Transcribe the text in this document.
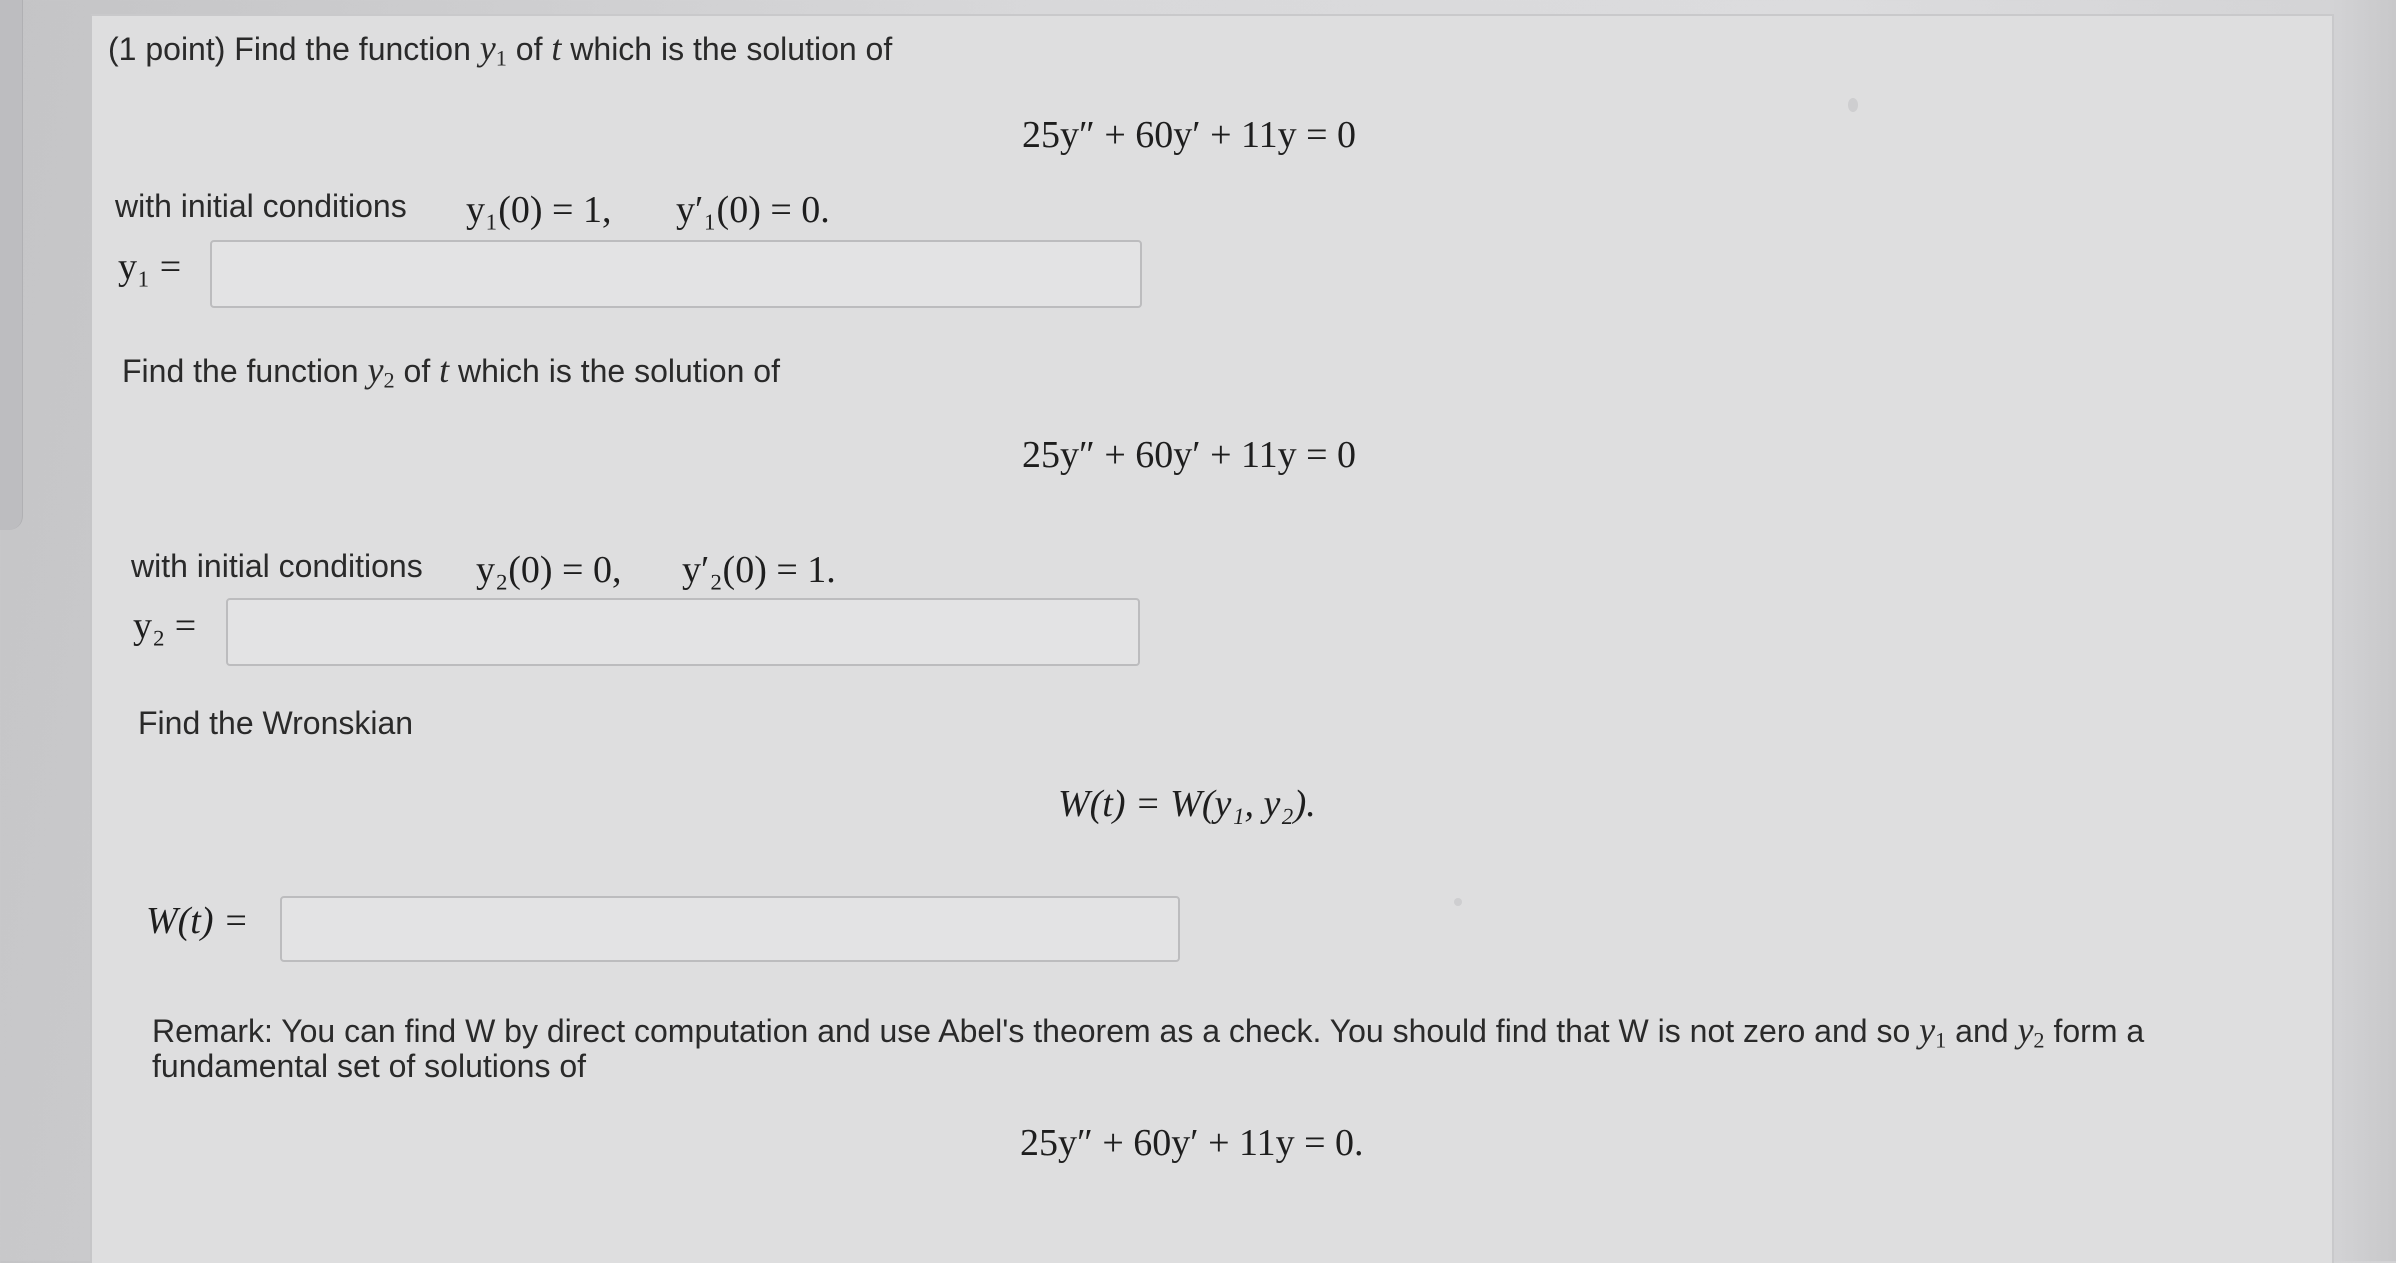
(1 point) Find the function $y_1$ of t which is the solution of
25y″ + 60y′ + 11y = 0
with initial conditions y₁(0) = 1, y′₁(0) = 0.
y₁ =
Find the function $y_2$ of t which is the solution of
25y″ + 60y′ + 11y = 0
with initial conditions y₂(0) = 0, y′₂(0) = 1.
y₂ =
Find the Wronskian
W(t) = W(y₁, y₂).
W(t) =
Remark: You can find W by direct computation and use Abel's theorem as a check. You should find that W is not zero and so $y_1$ and $y_2$ form a
fundamental set of solutions of
25y″ + 60y′ + 11y = 0.
